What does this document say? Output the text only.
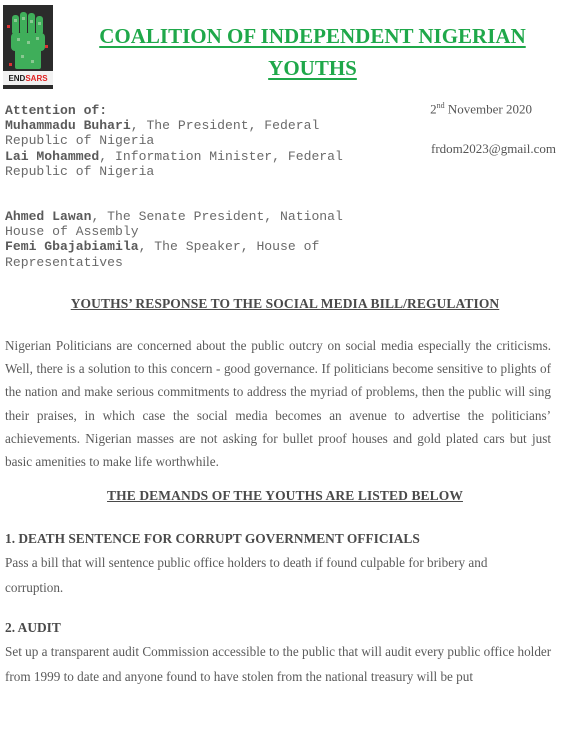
ENDSARS
COALITION OF INDEPENDENT NIGERIAN YOUTHS
Attention of:
Muhammadu Buhari, The President, Federal Republic of Nigeria
Lai Mohammed, Information Minister, Federal Republic of Nigeria
Ahmed Lawan, The Senate President, National House of Assembly
Femi Gbajabiamila, The Speaker, House of Representatives
2nd November 2020
frdom2023@gmail.com
YOUTHS’ RESPONSE TO THE SOCIAL MEDIA BILL/REGULATION

Nigerian Politicians are concerned about the public outcry on social media especially the criticisms. Well, there is a solution to this concern - good governance. If politicians become sensitive to plights of the nation and make serious commitments to address the myriad of problems, then the public will sing their praises, in which case the social media becomes an avenue to advertise the politicians’ achievements. Nigerian masses are not asking for bullet proof houses and gold plated cars but just basic amenities to make life worthwhile.

THE DEMANDS OF THE YOUTHS ARE LISTED BELOW
1. DEATH SENTENCE FOR CORRUPT GOVERNMENT OFFICIALS

Pass a bill that will sentence public office holders to death if found culpable for bribery and corruption.

2. AUDIT

Set up a transparent audit Commission accessible to the public that will audit every public office holder from 1999 to date and anyone found to have stolen from the national treasury will be put
